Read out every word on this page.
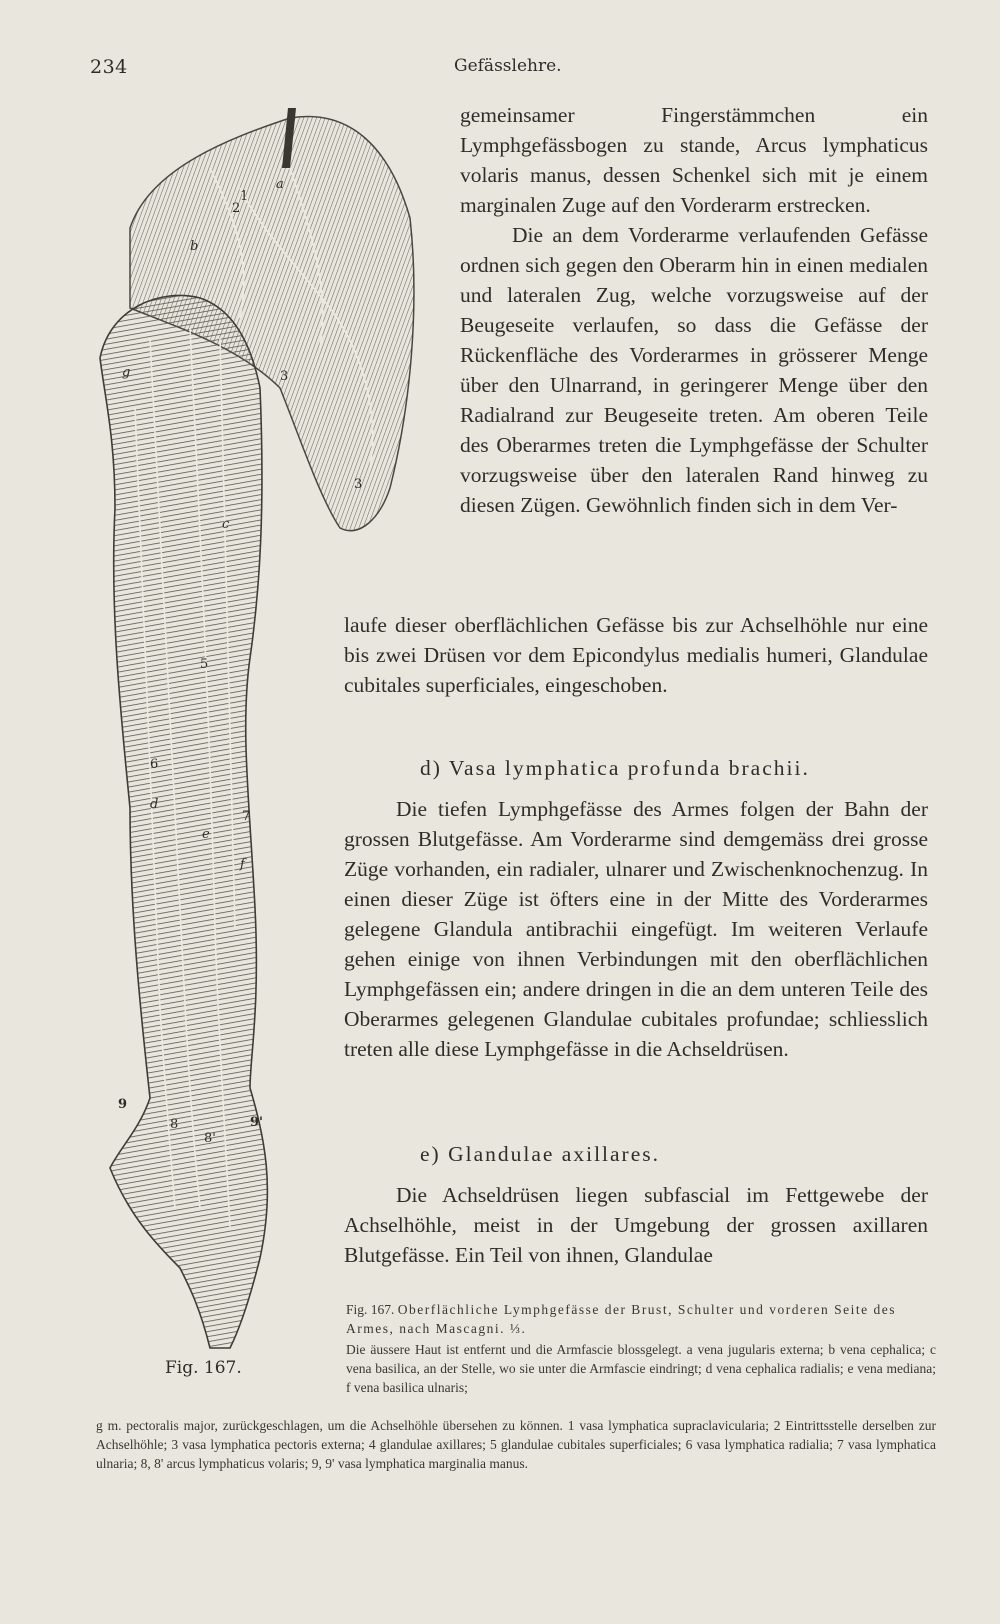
234	Gefässlehre.
a
b
c
d
e
f
g
1
2
3
3
5
6
7
8
8'
9
9'
Fig. 167.

gemeinsamer Fingerstämmchen ein Lymphgefässbogen zu stande, Arcus lymphaticus volaris manus, dessen Schenkel sich mit je einem marginalen Zuge auf den Vorderarm erstrecken.

Die an dem Vorderarme verlaufenden Gefässe ordnen sich gegen den Oberarm hin in einen medialen und lateralen Zug, welche vorzugsweise auf der Beugeseite verlaufen, so dass die Gefässe der Rückenfläche des Vorderarmes in grösserer Menge über den Ulnarrand, in geringerer Menge über den Radialrand zur Beugeseite treten. Am oberen Teile des Oberarmes treten die Lymphgefässe der Schulter vorzugsweise über den lateralen Rand hinweg zu diesen Zügen. Gewöhnlich finden sich in dem Ver-

laufe dieser oberflächlichen Gefässe bis zur Achselhöhle nur eine bis zwei Drüsen vor dem Epicondylus medialis humeri, Glandulae cubitales superficiales, eingeschoben.

d) Vasa lymphatica profunda brachii.

Die tiefen Lymphgefässe des Armes folgen der Bahn der grossen Blutgefässe. Am Vorderarme sind demgemäss drei grosse Züge vorhanden, ein radialer, ulnarer und Zwischenknochenzug. In einen dieser Züge ist öfters eine in der Mitte des Vorderarmes gelegene Glandula antibrachii eingefügt. Im weiteren Verlaufe gehen einige von ihnen Verbindungen mit den oberflächlichen Lymphgefässen ein; andere dringen in die an dem unteren Teile des Oberarmes gelegenen Glandulae cubitales profundae; schliesslich treten alle diese Lymphgefässe in die Achseldrüsen.

e) Glandulae axillares.

Die Achseldrüsen liegen subfascial im Fettgewebe der Achselhöhle, meist in der Umgebung der grossen axillaren Blutgefässe. Ein Teil von ihnen, Glandulae

Fig. 167. Oberflächliche Lymphgefässe der Brust, Schulter und vorderen Seite des Armes, nach Mascagni. ⅓.
Die äussere Haut ist entfernt und die Armfascie blossgelegt. a vena jugularis externa; b vena cephalica; c vena basilica, an der Stelle, wo sie unter die Armfascie eindringt; d vena cephalica radialis; e vena mediana; f vena basilica ulnaris;
g m. pectoralis major, zurückgeschlagen, um die Achselhöhle übersehen zu können. 1 vasa lymphatica supraclavicularia; 2 Eintrittsstelle derselben zur Achselhöhle; 3 vasa lymphatica pectoris externa; 4 glandulae axillares; 5 glandulae cubitales superficiales; 6 vasa lymphatica radialia; 7 vasa lymphatica ulnaria; 8, 8' arcus lymphaticus volaris; 9, 9' vasa lymphatica marginalia manus.
